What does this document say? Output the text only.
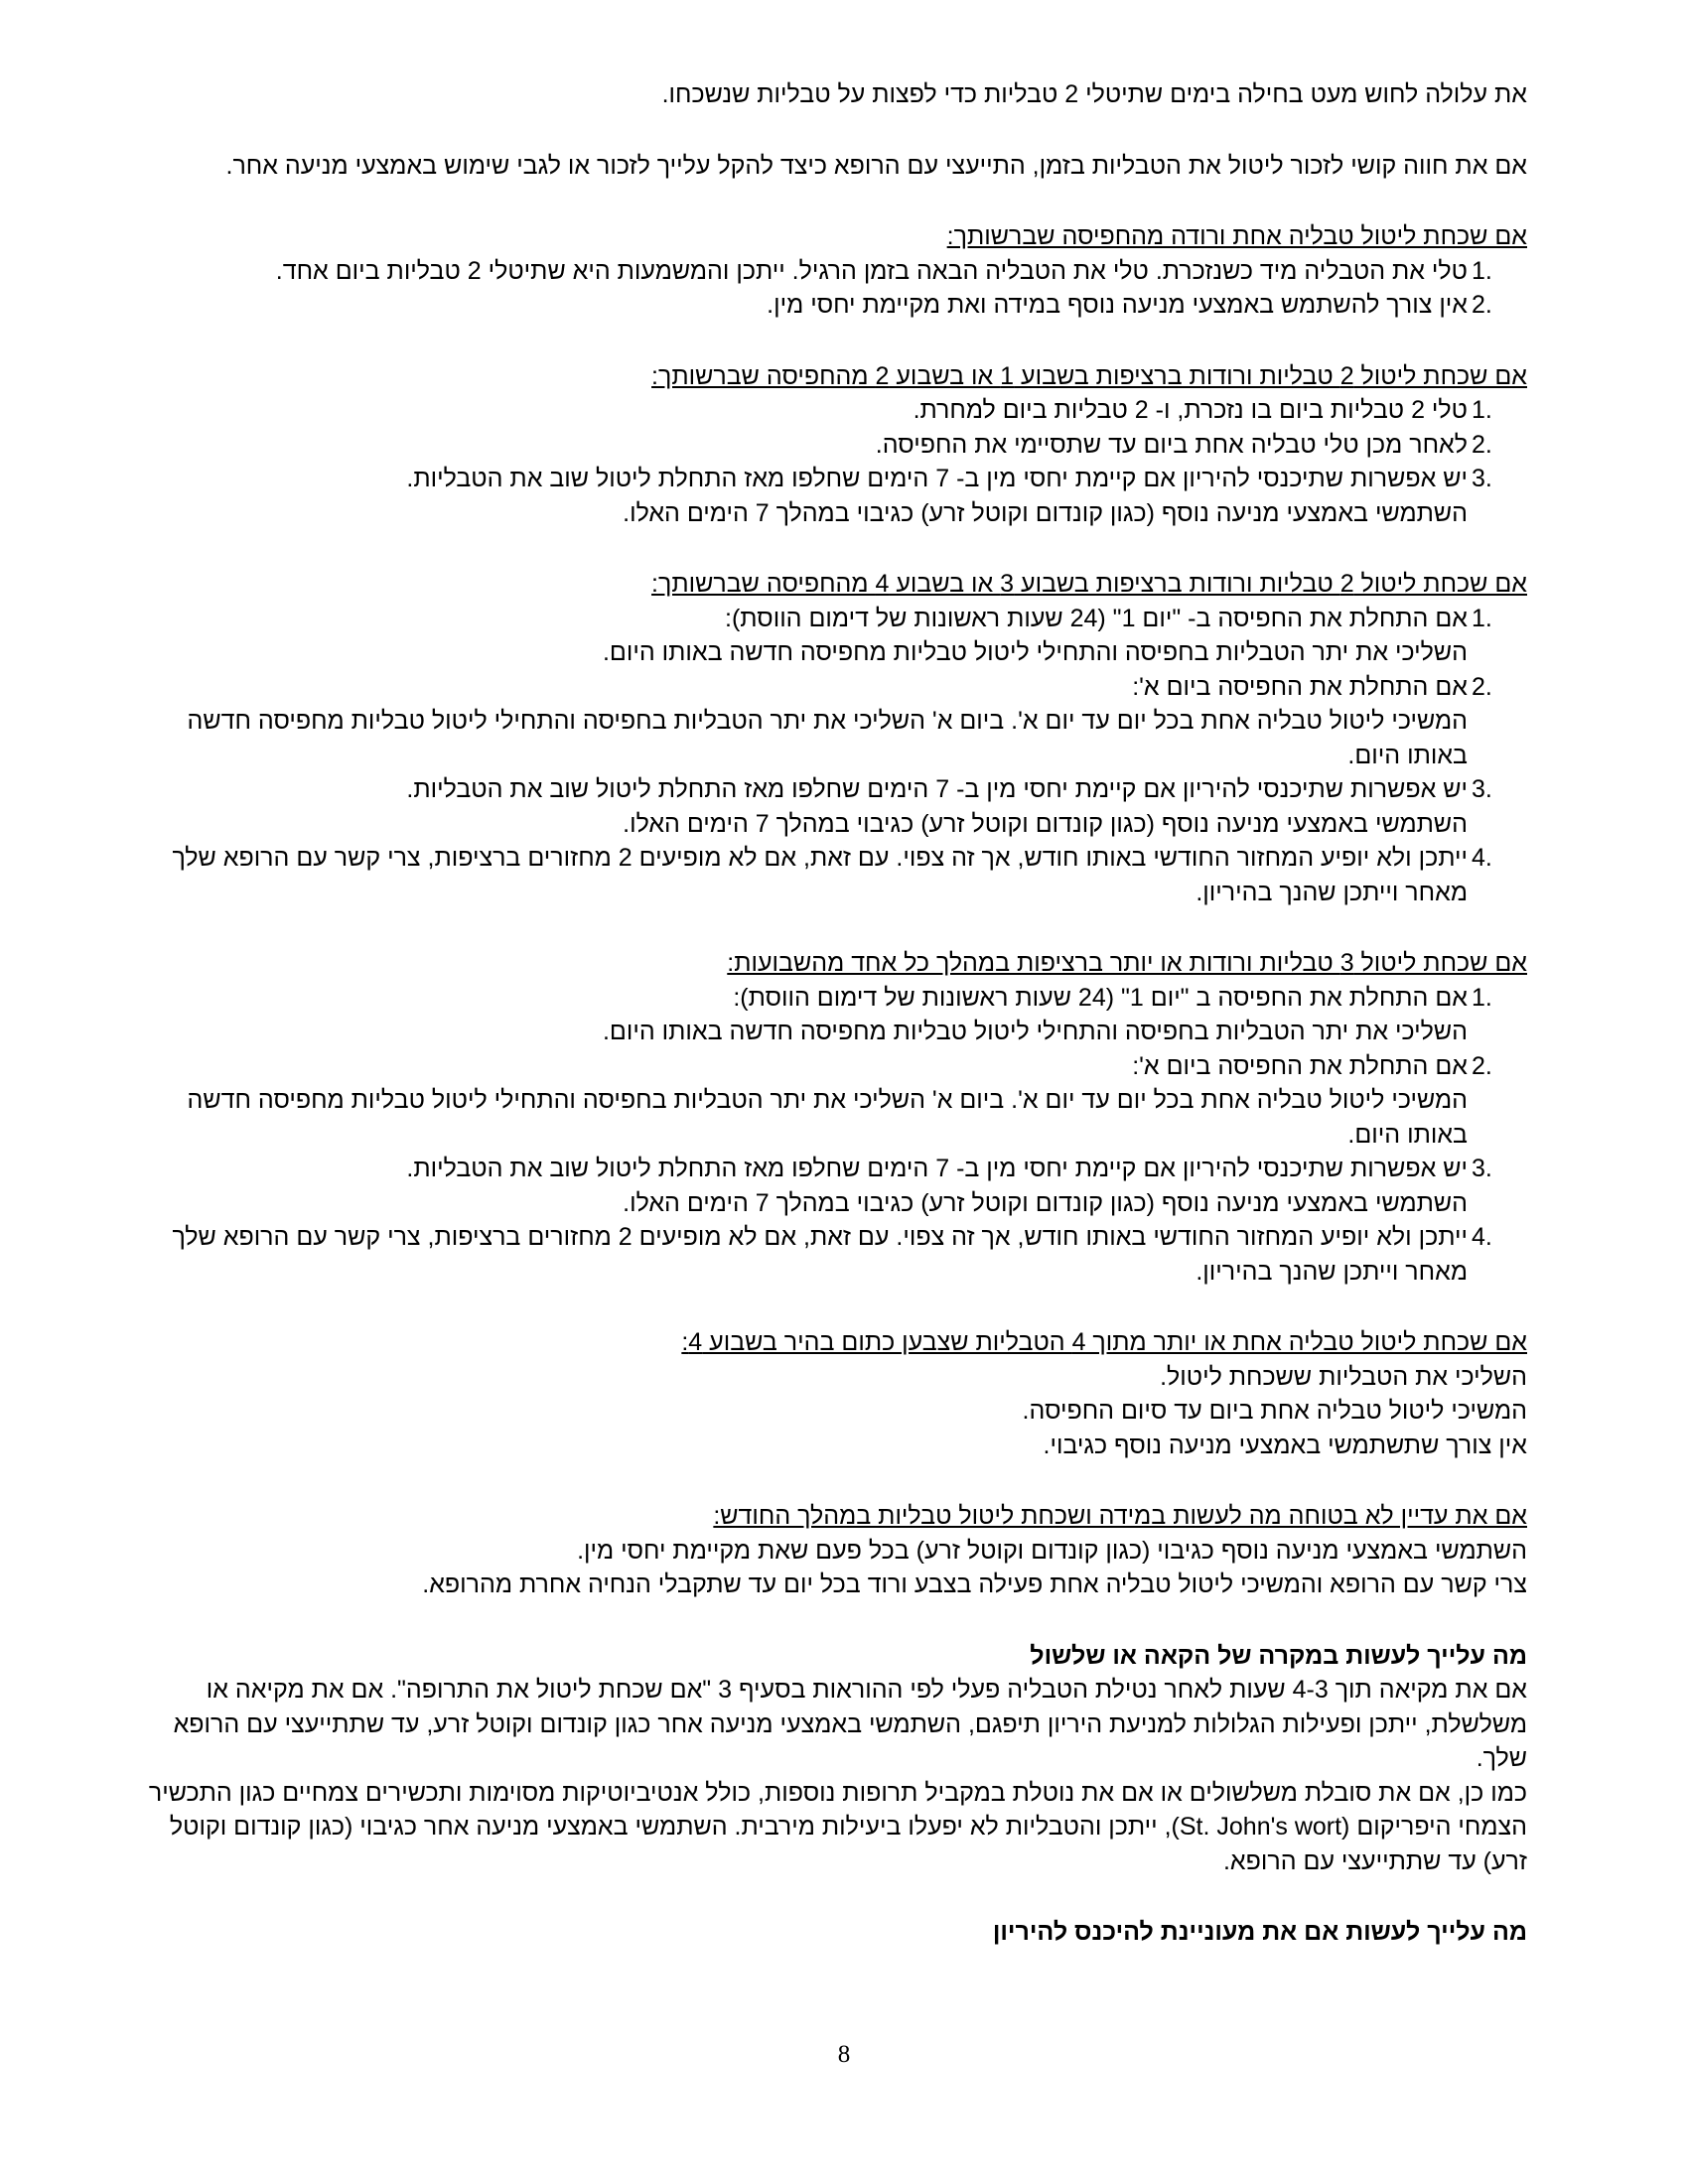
את עלולה לחוש מעט בחילה בימים שתיטלי 2 טבליות כדי לפצות על טבליות שנשכחו.

אם את חווה קושי לזכור ליטול את הטבליות בזמן, התייעצי עם הרופא כיצד להקל עלייך לזכור או לגבי שימוש באמצעי מניעה אחר.

אם שכחת ליטול טבליה אחת ורודה מהחפיסה שברשותך:

1.
טלי את הטבליה מיד כשנזכרת. טלי את הטבליה הבאה בזמן הרגיל. ייתכן והמשמעות היא שתיטלי 2 טבליות ביום אחד.
2.
אין צורך להשתמש באמצעי מניעה נוסף במידה ואת מקיימת יחסי מין.

אם שכחת ליטול 2 טבליות ורודות ברציפות בשבוע 1 או בשבוע 2 מהחפיסה שברשותך:

1.
טלי 2 טבליות ביום בו נזכרת, ו- 2 טבליות ביום למחרת.
2.
לאחר מכן טלי טבליה אחת ביום עד שתסיימי את החפיסה.
3.
יש אפשרות שתיכנסי להיריון אם קיימת יחסי מין ב- 7 הימים שחלפו מאז התחלת ליטול שוב את הטבליות.
השתמשי באמצעי מניעה נוסף (כגון קונדום וקוטל זרע) כגיבוי במהלך 7 הימים האלו.

אם שכחת ליטול 2 טבליות ורודות ברציפות בשבוע 3 או בשבוע 4 מהחפיסה שברשותך:

1.
אם התחלת את החפיסה ב- "יום 1" (24 שעות ראשונות של דימום הווסת):
השליכי את יתר הטבליות בחפיסה והתחילי ליטול טבליות מחפיסה חדשה באותו היום.
2.
אם התחלת את החפיסה ביום א':
המשיכי ליטול טבליה אחת בכל יום עד יום א'. ביום א' השליכי את יתר הטבליות בחפיסה והתחילי ליטול טבליות מחפיסה חדשה באותו היום.
3.
יש אפשרות שתיכנסי להיריון אם קיימת יחסי מין ב- 7 הימים שחלפו מאז התחלת ליטול שוב את הטבליות.
השתמשי באמצעי מניעה נוסף (כגון קונדום וקוטל זרע) כגיבוי במהלך 7 הימים האלו.
4.
ייתכן ולא יופיע המחזור החודשי באותו חודש, אך זה צפוי. עם זאת, אם לא מופיעים 2 מחזורים ברציפות, צרי קשר עם הרופא שלך מאחר וייתכן שהנך בהיריון.

אם שכחת ליטול 3 טבליות ורודות או יותר ברציפות במהלך כל אחד מהשבועות:

1.
אם התחלת את החפיסה ב "יום 1" (24 שעות ראשונות של דימום הווסת):
השליכי את יתר הטבליות בחפיסה והתחילי ליטול טבליות מחפיסה חדשה באותו היום.
2.
אם התחלת את החפיסה ביום א':
המשיכי ליטול טבליה אחת בכל יום עד יום א'. ביום א' השליכי את יתר הטבליות בחפיסה והתחילי ליטול טבליות מחפיסה חדשה באותו היום.
3.
יש אפשרות שתיכנסי להיריון אם קיימת יחסי מין ב- 7 הימים שחלפו מאז התחלת ליטול שוב את הטבליות.
השתמשי באמצעי מניעה נוסף (כגון קונדום וקוטל זרע) כגיבוי במהלך 7 הימים האלו.
4.
ייתכן ולא יופיע המחזור החודשי באותו חודש, אך זה צפוי. עם זאת, אם לא מופיעים 2 מחזורים ברציפות, צרי קשר עם הרופא שלך מאחר וייתכן שהנך בהיריון.

אם שכחת ליטול טבליה אחת או יותר מתוך 4 הטבליות שצבען כתום בהיר בשבוע 4:

השליכי את הטבליות ששכחת ליטול.

המשיכי ליטול טבליה אחת ביום עד סיום החפיסה.

אין צורך שתשתמשי באמצעי מניעה נוסף כגיבוי.

אם את עדיין לא בטוחה מה לעשות במידה ושכחת ליטול טבליות במהלך החודש:

השתמשי באמצעי מניעה נוסף כגיבוי (כגון קונדום וקוטל זרע) בכל פעם שאת מקיימת יחסי מין.

צרי קשר עם הרופא והמשיכי ליטול טבליה אחת פעילה בצבע ורוד בכל יום עד שתקבלי הנחיה אחרת מהרופא.

מה עלייך לעשות במקרה של הקאה או שלשול

אם את מקיאה תוך 4-3 שעות לאחר נטילת הטבליה פעלי לפי ההוראות בסעיף 3 "אם שכחת ליטול את התרופה". אם את מקיאה או משלשלת, ייתכן ופעילות הגלולות למניעת היריון תיפגם, השתמשי באמצעי מניעה אחר כגון קונדום וקוטל זרע, עד שתתייעצי עם הרופא שלך.

כמו כן, אם את סובלת משלשולים או אם את נוטלת במקביל תרופות נוספות, כולל אנטיביוטיקות מסוימות ותכשירים צמחיים כגון התכשיר הצמחי היפריקום (St. John's wort), ייתכן והטבליות לא יפעלו ביעילות מירבית. השתמשי באמצעי מניעה אחר כגיבוי (כגון קונדום וקוטל זרע) עד שתתייעצי עם הרופא.

מה עלייך לעשות אם את מעוניינת להיכנס להיריון

8
